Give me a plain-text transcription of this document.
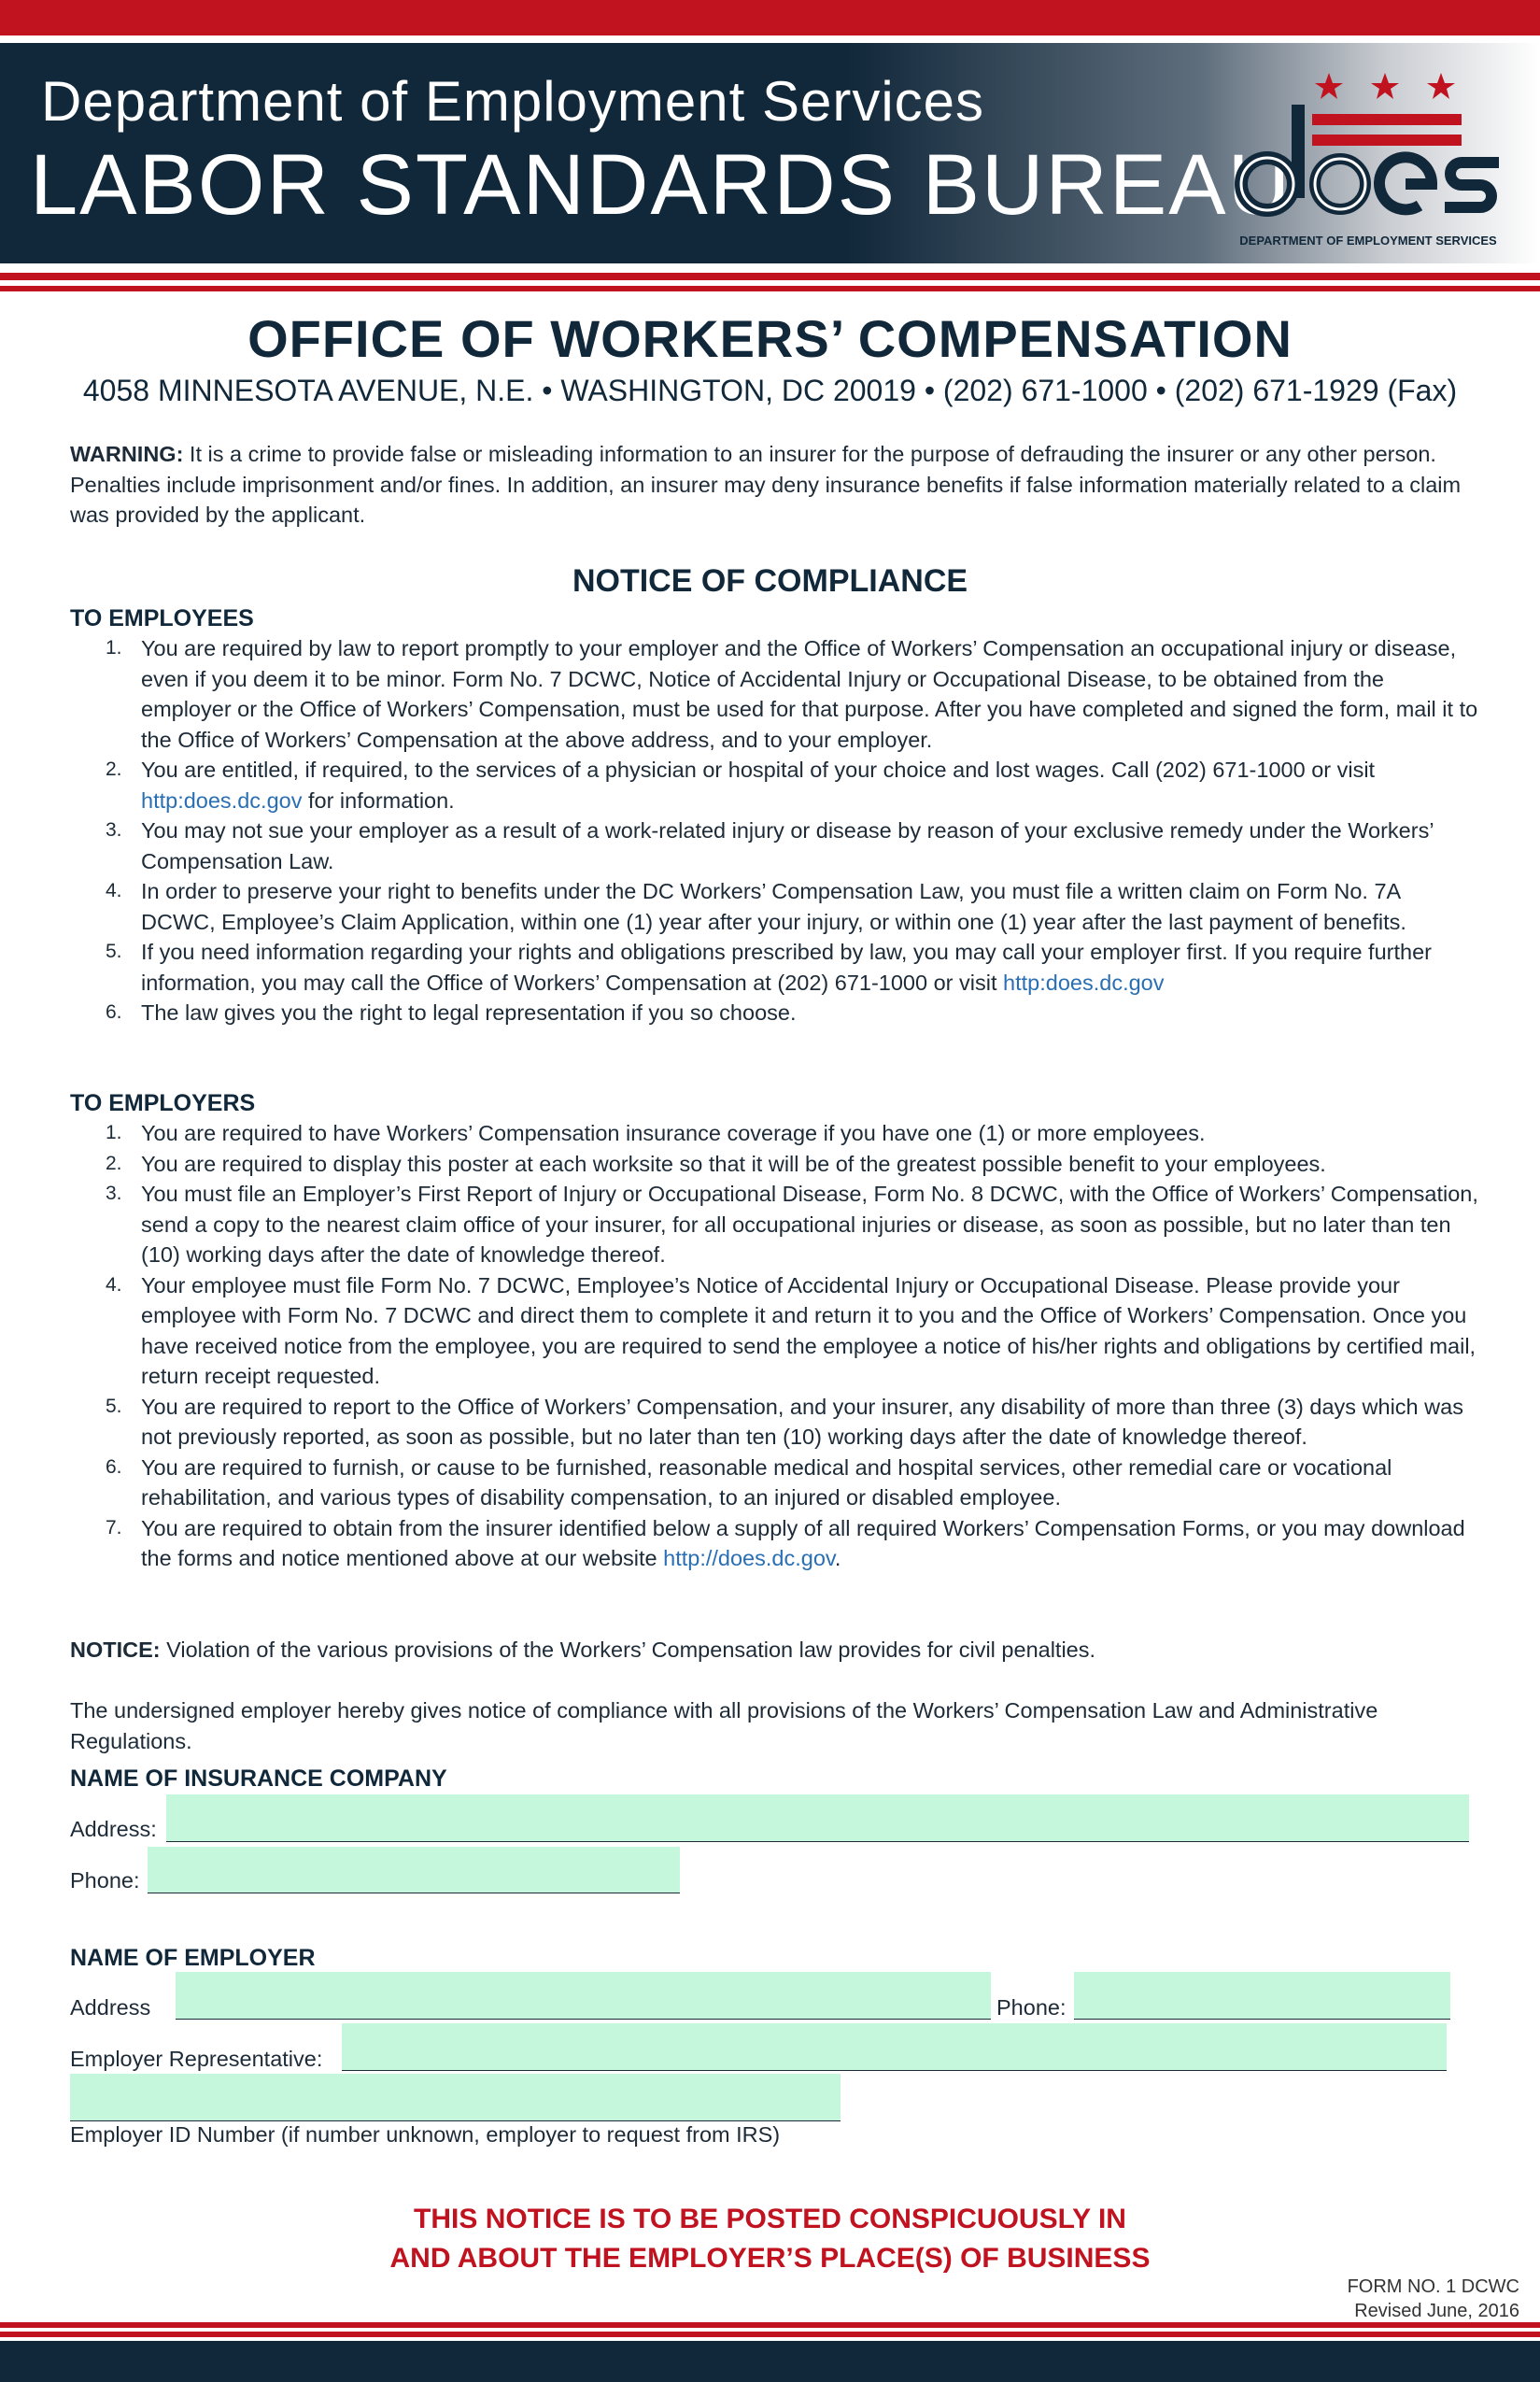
Department of Employment Services
LABOR STANDARDS BUREAU
DEPARTMENT OF EMPLOYMENT SERVICES
OFFICE OF WORKERS’ COMPENSATION
4058 MINNESOTA AVENUE, N.E. • WASHINGTON, DC 20019 • (202) 671-1000 • (202) 671-1929 (Fax)
WARNING: It is a crime to provide false or misleading information to an insurer for the purpose of defrauding the insurer or any other person. Penalties include imprisonment and/or fines. In addition, an insurer may deny insurance benefits if false information materially related to a claim was provided by the applicant.
NOTICE OF COMPLIANCE
TO EMPLOYEES
1. You are required by law to report promptly to your employer and the Office of Workers’ Compensation an occupational injury or disease, even if you deem it to be minor. Form No. 7 DCWC, Notice of Accidental Injury or Occupational Disease, to be obtained from the employer or the Office of Workers’ Compensation, must be used for that purpose. After you have completed and signed the form, mail it to the Office of Workers’ Compensation at the above address, and to your employer.
2. You are entitled, if required, to the services of a physician or hospital of your choice and lost wages. Call (202) 671-1000 or visit http:does.dc.gov for information.
3. You may not sue your employer as a result of a work-related injury or disease by reason of your exclusive remedy under the Workers’ Compensation Law.
4. In order to preserve your right to benefits under the DC Workers’ Compensation Law, you must file a written claim on Form No. 7A DCWC, Employee’s Claim Application, within one (1) year after your injury, or within one (1) year after the last payment of benefits.
5. If you need information regarding your rights and obligations prescribed by law, you may call your employer first. If you require further information, you may call the Office of Workers’ Compensation at (202) 671-1000 or visit http:does.dc.gov
6. The law gives you the right to legal representation if you so choose.
TO EMPLOYERS
1. You are required to have Workers’ Compensation insurance coverage if you have one (1) or more employees.
2. You are required to display this poster at each worksite so that it will be of the greatest possible benefit to your employees.
3. You must file an Employer’s First Report of Injury or Occupational Disease, Form No. 8 DCWC, with the Office of Workers’ Compensation, send a copy to the nearest claim office of your insurer, for all occupational injuries or disease, as soon as possible, but no later than ten (10) working days after the date of knowledge thereof.
4. Your employee must file Form No. 7 DCWC, Employee’s Notice of Accidental Injury or Occupational Disease. Please provide your employee with Form No. 7 DCWC and direct them to complete it and return it to you and the Office of Workers’ Compensation. Once you have received notice from the employee, you are required to send the employee a notice of his/her rights and obligations by certified mail, return receipt requested.
5. You are required to report to the Office of Workers’ Compensation, and your insurer, any disability of more than three (3) days which was not previously reported, as soon as possible, but no later than ten (10) working days after the date of knowledge thereof.
6. You are required to furnish, or cause to be furnished, reasonable medical and hospital services, other remedial care or vocational rehabilitation, and various types of disability compensation, to an injured or disabled employee.
7. You are required to obtain from the insurer identified below a supply of all required Workers’ Compensation Forms, or you may download the forms and notice mentioned above at our website http://does.dc.gov.
NOTICE: Violation of the various provisions of the Workers’ Compensation law provides for civil penalties.
The undersigned employer hereby gives notice of compliance with all provisions of the Workers’ Compensation Law and Administrative Regulations.
NAME OF INSURANCE COMPANY
Address:
Phone:
NAME OF EMPLOYER
Address	Phone:
Employer Representative:
Employer ID Number (if number unknown, employer to request from IRS)
THIS NOTICE IS TO BE POSTED CONSPICUOUSLY IN
AND ABOUT THE EMPLOYER’S PLACE(S) OF BUSINESS
FORM NO. 1 DCWC
Revised June, 2016
